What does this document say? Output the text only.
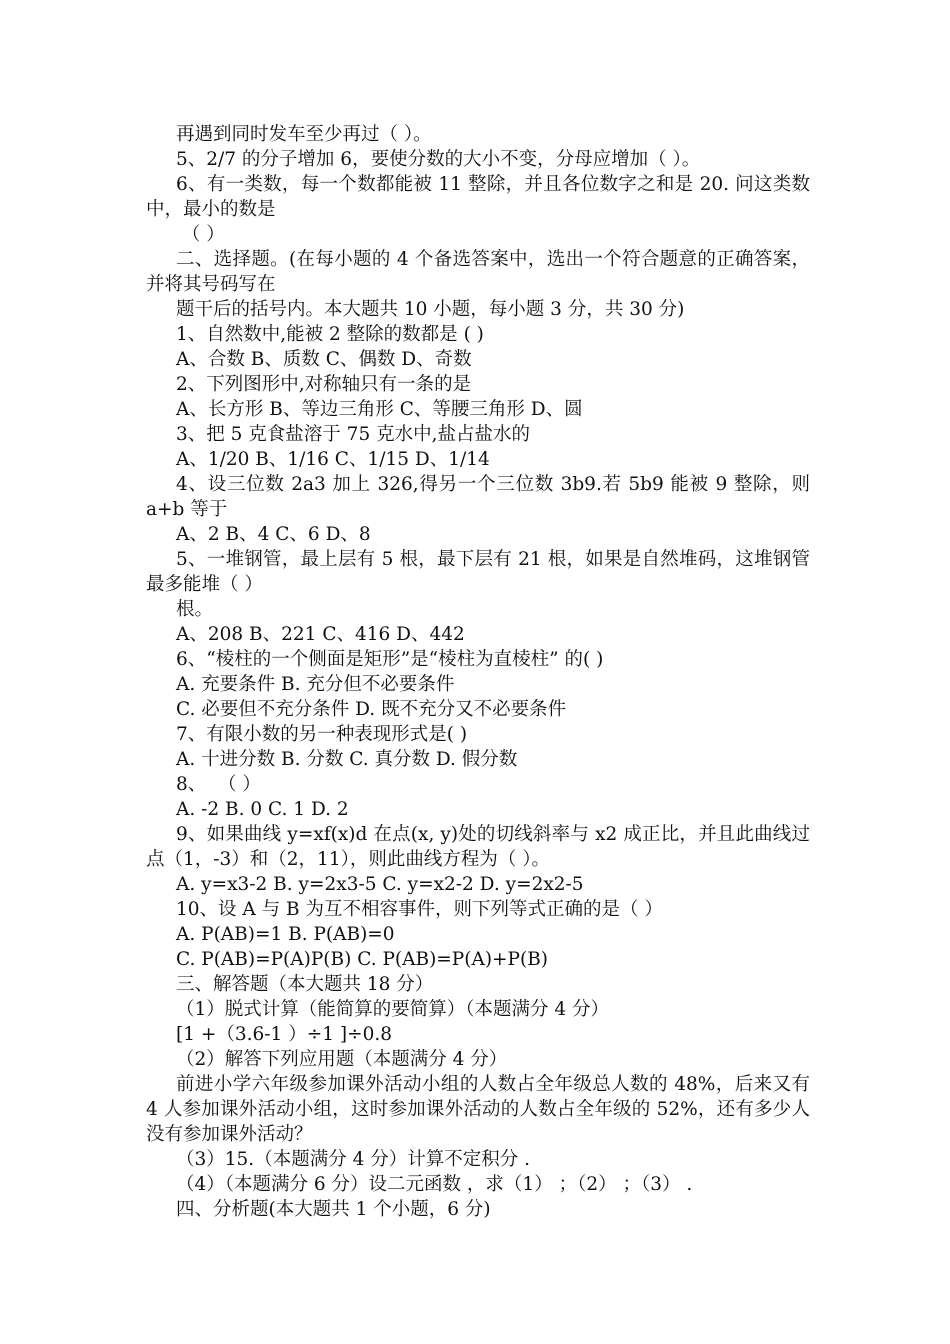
再遇到同时发车至少再过（ ）。

5、2/7 的分子增加 6，要使分数的大小不变，分母应增加（ ）。

6、有一类数，每一个数都能被 11 整除，并且各位数字之和是 20. 问这类数中，最小的数是

（ ）

二、选择题。(在每小题的 4 个备选答案中，选出一个符合题意的正确答案，并将其号码写在

题干后的括号内。本大题共 10 小题，每小题 3 分，共 30 分)

1、自然数中,能被 2 整除的数都是 ( )

A、合数 B、质数 C、偶数 D、奇数

2、下列图形中,对称轴只有一条的是

A、长方形 B、等边三角形 C、等腰三角形 D、圆

3、把 5 克食盐溶于 75 克水中,盐占盐水的

A、1/20 B、1/16 C、1/15 D、1/14

4、设三位数 2a3 加上 326,得另一个三位数 3b9.若 5b9 能被 9 整除，则 a+b 等于

A、2 B、4 C、6 D、8

5、一堆钢管，最上层有 5 根，最下层有 21 根，如果是自然堆码，这堆钢管最多能堆（ ）

根。

A、208 B、221 C、416 D、442

6、“棱柱的一个侧面是矩形”是“棱柱为直棱柱” 的( )

A. 充要条件 B. 充分但不必要条件

C. 必要但不充分条件 D. 既不充分又不必要条件

7、有限小数的另一种表现形式是( )

A. 十进分数 B. 分数 C. 真分数 D. 假分数

8、  （ ）

A. -2 B. 0 C. 1 D. 2

9、如果曲线 y=xf(x)d 在点(x, y)处的切线斜率与 x2 成正比，并且此曲线过点（1，-3）和（2，11），则此曲线方程为（ ）。

A. y=x3-2 B. y=2x3-5 C. y=x2-2 D. y=2x2-5

10、设 A 与 B 为互不相容事件，则下列等式正确的是（ ）

A. P(AB)=1 B. P(AB)=0

C. P(AB)=P(A)P(B) C. P(AB)=P(A)+P(B)

三、解答题（本大题共 18 分）

（1）脱式计算（能简算的要简算）（本题满分 4 分）

[1 +（3.6-1 ）÷1 ]÷0.8

（2）解答下列应用题（本题满分 4 分）

前进小学六年级参加课外活动小组的人数占全年级总人数的 48%，后来又有 4 人参加课外活动小组，这时参加课外活动的人数占全年级的 52%，还有多少人没有参加课外活动？

（3）15.（本题满分 4 分）计算不定积分 .

（4）（本题满分 6 分）设二元函数 ，求（1） ；（2） ；（3） .

四、分析题(本大题共 1 个小题，6 分)
